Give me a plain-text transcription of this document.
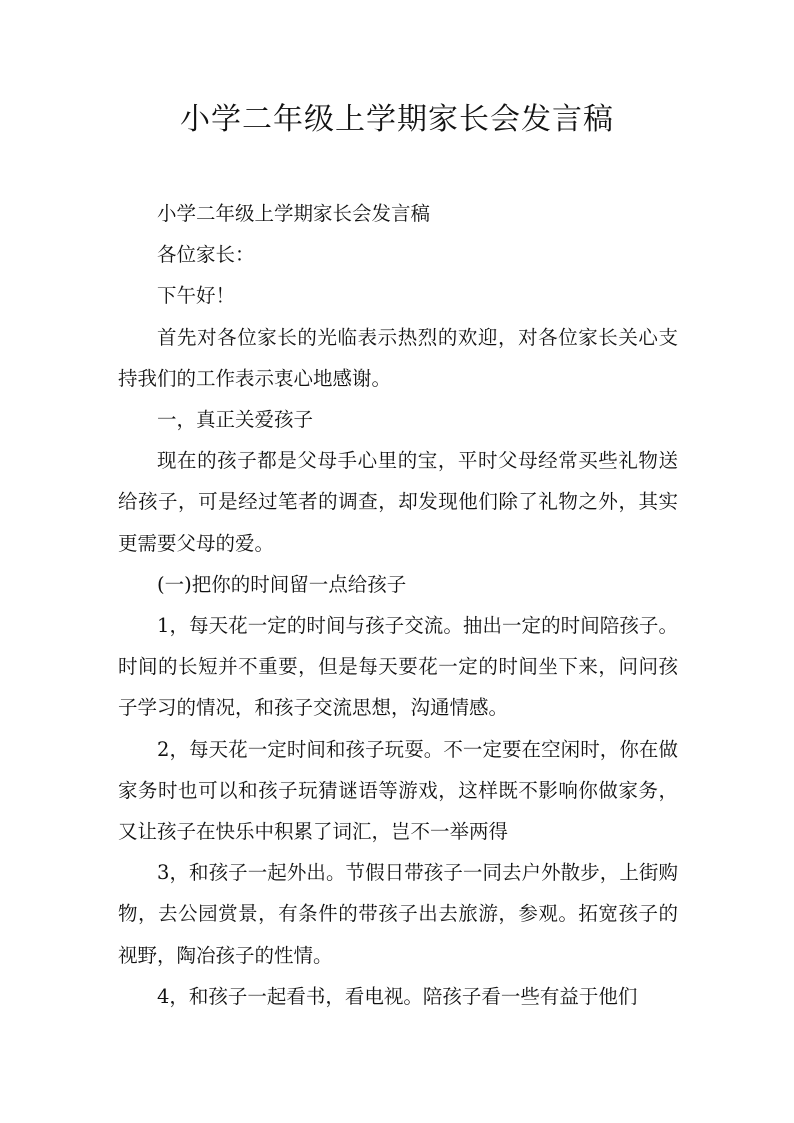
小学二年级上学期家长会发言稿

小学二年级上学期家长会发言稿

各位家长：

下午好！

首先对各位家长的光临表示热烈的欢迎，对各位家长关心支持我们的工作表示衷心地感谢。

一，真正关爱孩子

现在的孩子都是父母手心里的宝，平时父母经常买些礼物送给孩子，可是经过笔者的调查，却发现他们除了礼物之外，其实更需要父母的爱。

(一)把你的时间留一点给孩子

1，每天花一定的时间与孩子交流。抽出一定的时间陪孩子。时间的长短并不重要，但是每天要花一定的时间坐下来，问问孩子学习的情况，和孩子交流思想，沟通情感。

2，每天花一定时间和孩子玩耍。不一定要在空闲时，你在做家务时也可以和孩子玩猜谜语等游戏，这样既不影响你做家务，又让孩子在快乐中积累了词汇，岂不一举两得

3，和孩子一起外出。节假日带孩子一同去户外散步，上街购物，去公园赏景，有条件的带孩子出去旅游，参观。拓宽孩子的视野，陶冶孩子的性情。

4，和孩子一起看书，看电视。陪孩子看一些有益于他们
